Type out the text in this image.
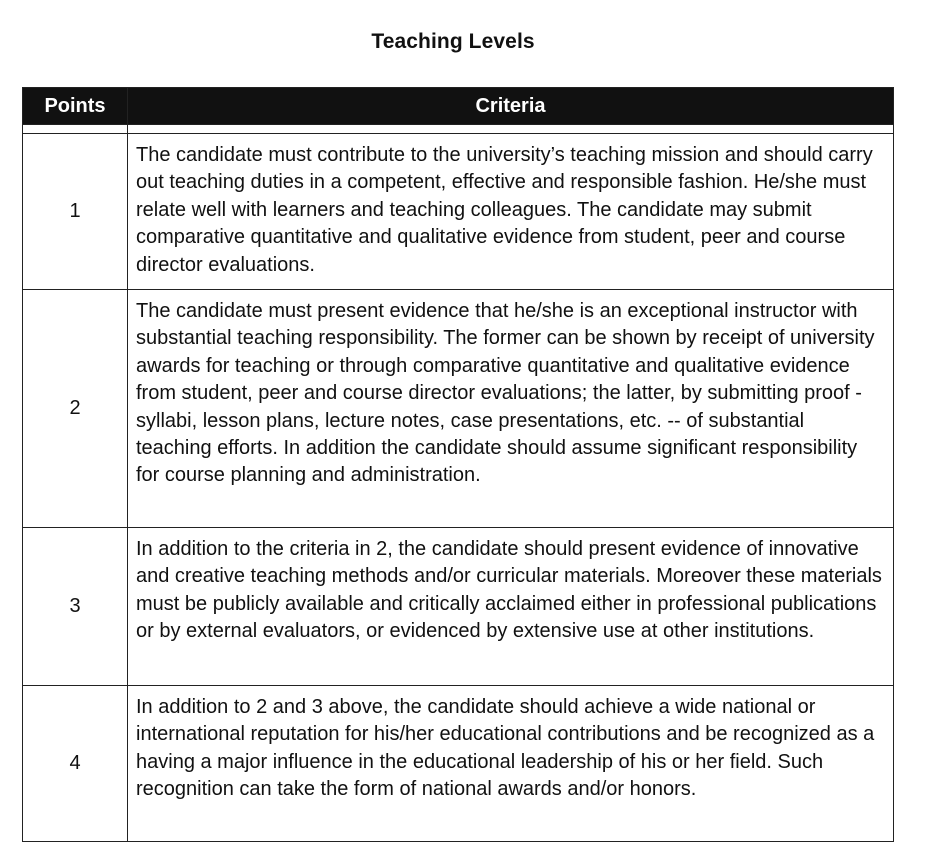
Teaching Levels
Points	Criteria

1	The candidate must contribute to the university’s teaching mission and should carry out teaching duties in a competent, effective and responsible fashion. He/she must relate well with learners and teaching colleagues. The candidate may submit comparative quantitative and qualitative evidence from student, peer and course director evaluations.
2	The candidate must present evidence that he/she is an exceptional instructor with substantial teaching responsibility. The former can be shown by receipt of university awards for teaching or through comparative quantitative and qualitative evidence from student, peer and course director evaluations; the latter, by submitting proof - syllabi, lesson plans, lecture notes, case presentations, etc. -- of substantial teaching efforts. In addition the candidate should assume significant responsibility for course planning and administration.
3	In addition to the criteria in 2, the candidate should present evidence of innovative and creative teaching methods and/or curricular materials. Moreover these materials must be publicly available and critically acclaimed either in professional publications or by external evaluators, or evidenced by extensive use at other institutions.
4	In addition to 2 and 3 above, the candidate should achieve a wide national or international reputation for his/her educational contributions and be recognized as a having a major influence in the educational leadership of his or her field. Such recognition can take the form of national awards and/or honors.
